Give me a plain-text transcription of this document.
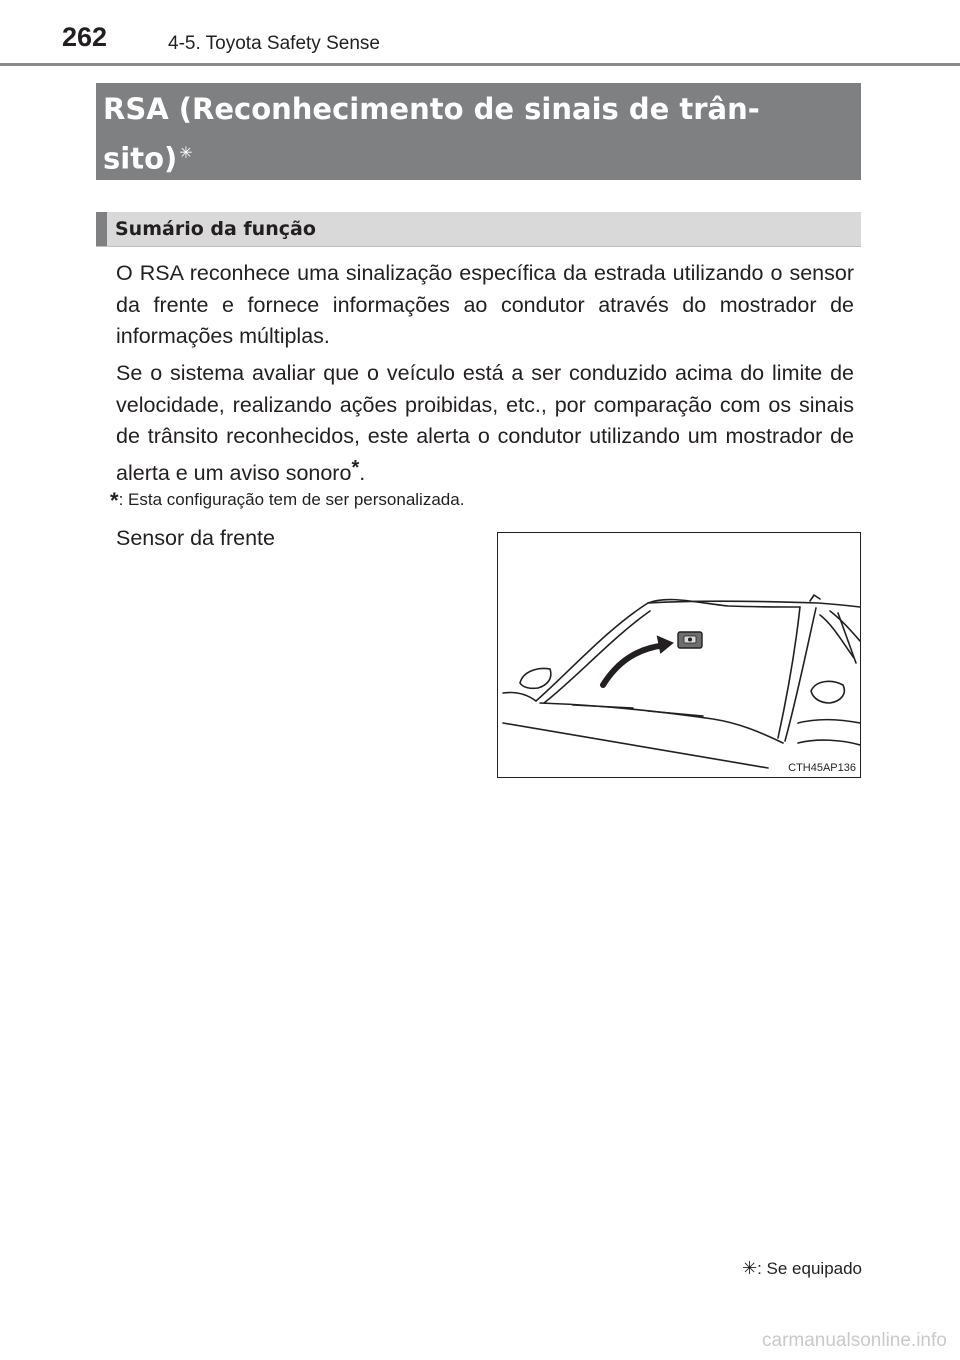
262	4-5. Toyota Safety Sense

RSA (Reconhecimento de sinais de trân-
sito) ✳

Sumário da função

O RSA reconhece uma sinalização específica da estrada utilizando o sensor da frente e fornece informações ao condutor através do mostrador de informações múltiplas.

Se o sistema avaliar que o veículo está a ser conduzido acima do limite de velocidade, realizando ações proibidas, etc., por comparação com os sinais de trânsito reconhecidos, este alerta o condutor utilizando um mostrador de alerta e um aviso sonoro*.

*: Esta configuração tem de ser personalizada.
Sensor da frente
CTH45AP136
✳: Se equipado
carmanualsonline.info
